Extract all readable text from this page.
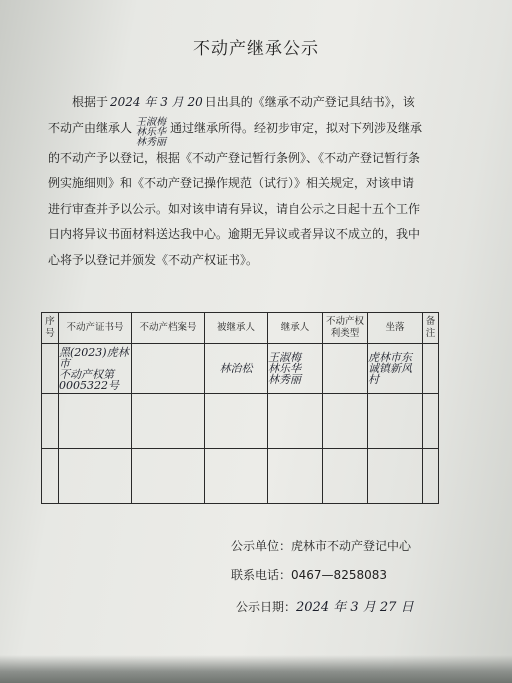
不动产继承公示
　　根据于 2024 年 3 月 20 日出具的《继承不动产登记具结书》，该不动产由继承人 王淑梅
林乐华
林秀丽
通过继承所得。经初步审定，拟对下列涉及继承的不动产予以登记，根据《不动产登记暂行条例》、《不动产登记暂行条例实施细则》和《不动产登记操作规范（试行）》相关规定，对该申请进行审查并予以公示。如对该申请有异议，请自公示之日起十五个工作日内将异议书面材料送达我中心。逾期无异议或者异议不成立的，我中心将予以登记并颁发《不动产权证书》。
序号	不动产证书号	不动产档案号	被继承人	继承人	不动产权利类型	坐落	备注

	黑(2023)虎林市
不动产权第
0005322号		林治松	王淑梅
林乐华
林秀丽		虎林市东
诚镇新风
村	

公示单位：虎林市不动产登记中心
联系电话：0467—8258083
公示日期：2024 年 3 月 27 日
